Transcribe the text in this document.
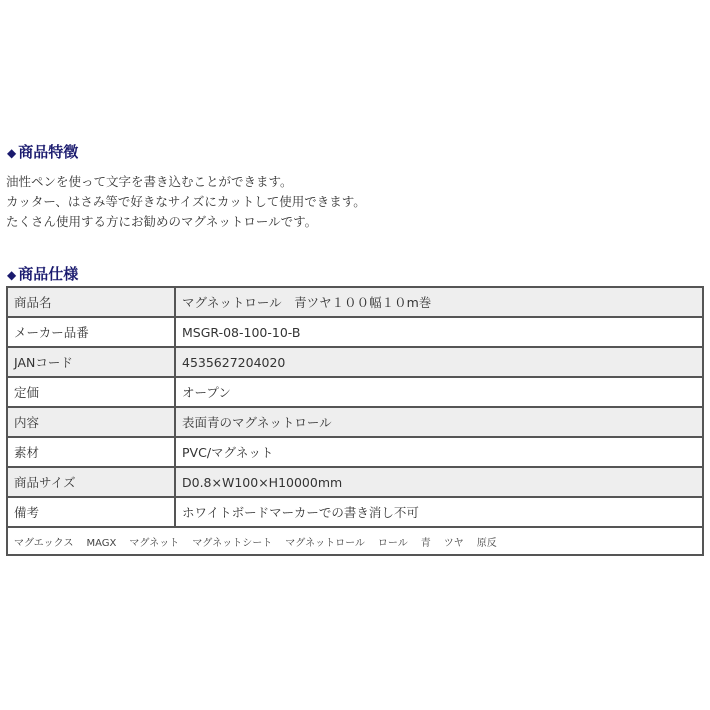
◆ 商品特徴
油性ペンを使って文字を書き込むことができます。
カッター、はさみ等で好きなサイズにカットして使用できます。
たくさん使用する方にお勧めのマグネットロールです。
◆ 商品仕様
商品名	マグネットロール　青ツヤ１００幅１０m巻
メーカー品番	MSGR-08-100-10-B
JANコード	4535627204020
定価	オープン
内容	表面青のマグネットロール
素材	PVC/マグネット
商品サイズ	D0.8×W100×H10000mm
備考	ホワイトボードマーカーでの書き消し不可
マグエックス MAGX マグネット マグネットシート マグネットロール ロール 青 ツヤ 原反	
